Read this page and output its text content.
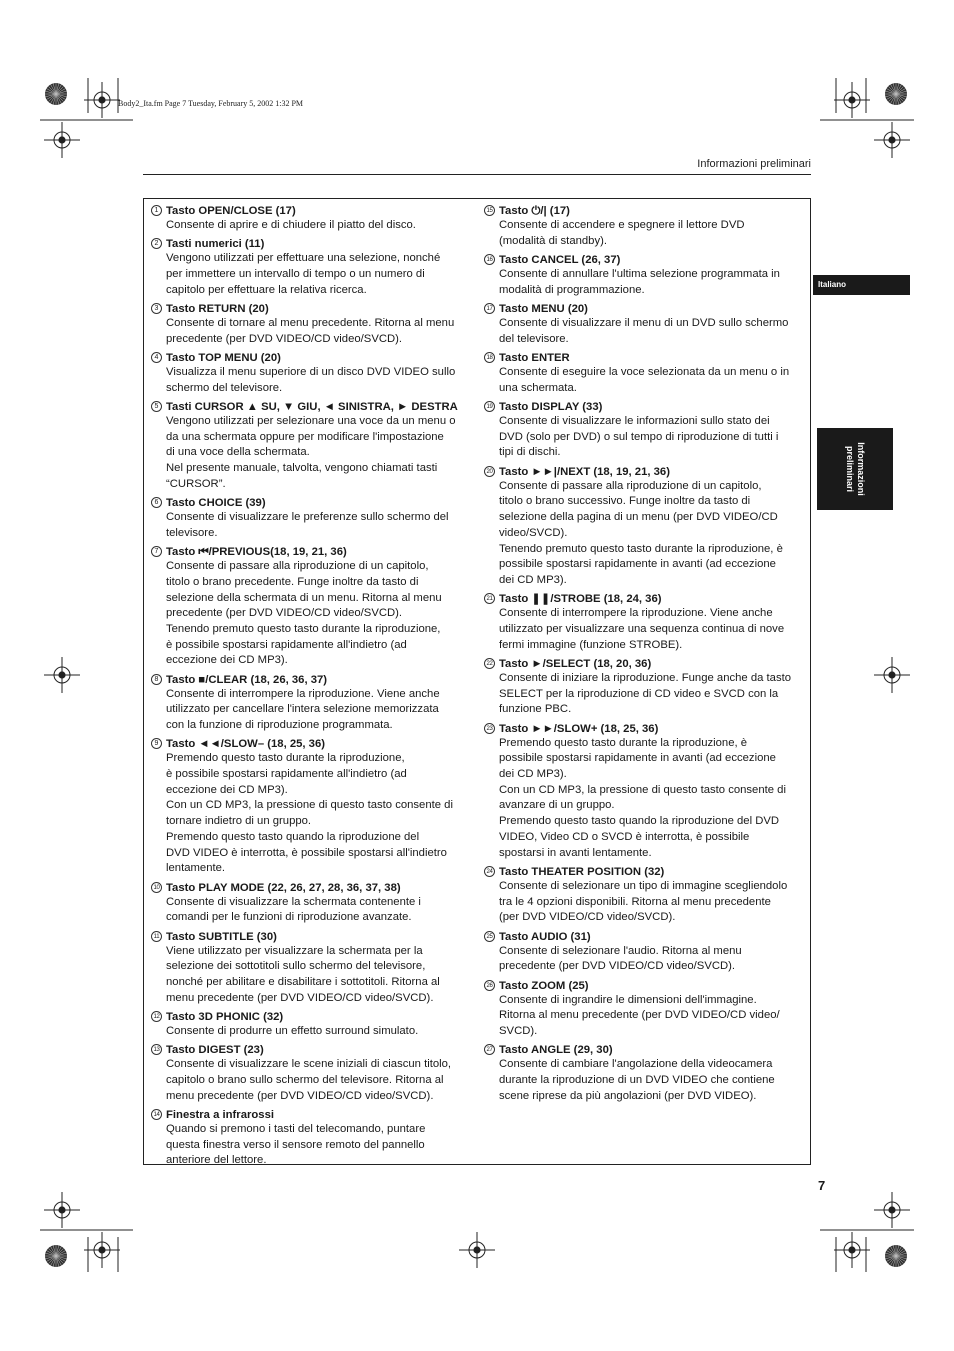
Body2_Ita.fm Page 7 Tuesday, February 5, 2002 1:32 PM
Informazioni preliminari
Italiano
Informazioni
preliminari
1 Tasto OPEN/CLOSE (17)
Consente di aprire e di chiudere il piatto del disco.
2 Tasti numerici (11)
Vengono utilizzati per effettuare una selezione, nonché
per immettere un intervallo di tempo o un numero di
capitolo per effettuare la relativa ricerca.
3 Tasto RETURN (20)
Consente di tornare al menu precedente. Ritorna al menu
precedente (per DVD VIDEO/CD video/SVCD).
4 Tasto TOP MENU (20)
Visualizza il menu superiore di un disco DVD VIDEO sullo
schermo del televisore.
5 Tasti CURSOR ▲ SU, ▼ GIU, ◄ SINISTRA, ► DESTRA
Vengono utilizzati per selezionare una voce da un menu o
da una schermata oppure per modificare l'impostazione
di una voce della schermata.
Nel presente manuale, talvolta, vengono chiamati tasti
“CURSOR”.
6 Tasto CHOICE (39)
Consente di visualizzare le preferenze sullo schermo del
televisore.
7 Tasto ⏮/PREVIOUS(18, 19, 21, 36)
Consente di passare alla riproduzione di un capitolo,
titolo o brano precedente. Funge inoltre da tasto di
selezione della schermata di un menu. Ritorna al menu
precedente (per DVD VIDEO/CD video/SVCD).
Tenendo premuto questo tasto durante la riproduzione,
è possibile spostarsi rapidamente all'indietro (ad
eccezione dei CD MP3).
8 Tasto ■/CLEAR (18, 26, 36, 37)
Consente di interrompere la riproduzione. Viene anche
utilizzato per cancellare l'intera selezione memorizzata
con la funzione di riproduzione programmata.
9 Tasto ◄◄/SLOW– (18, 25, 36)
Premendo questo tasto durante la riproduzione,
è possibile spostarsi rapidamente all'indietro (ad
eccezione dei CD MP3).
Con un CD MP3, la pressione di questo tasto consente di
tornare indietro di un gruppo.
Premendo questo tasto quando la riproduzione del
DVD VIDEO è interrotta, è possibile spostarsi all'indietro
lentamente.
10 Tasto PLAY MODE (22, 26, 27, 28, 36, 37, 38)
Consente di visualizzare la schermata contenente i
comandi per le funzioni di riproduzione avanzate.
11 Tasto SUBTITLE (30)
Viene utilizzato per visualizzare la schermata per la
selezione dei sottotitoli sullo schermo del televisore,
nonché per abilitare e disabilitare i sottotitoli. Ritorna al
menu precedente (per DVD VIDEO/CD video/SVCD).
12 Tasto 3D PHONIC (32)
Consente di produrre un effetto surround simulato.
13 Tasto DIGEST (23)
Consente di visualizzare le scene iniziali di ciascun titolo,
capitolo o brano sullo schermo del televisore. Ritorna al
menu precedente (per DVD VIDEO/CD video/SVCD).
14 Finestra a infrarossi
Quando si premono i tasti del telecomando, puntare
questa finestra verso il sensore remoto del pannello
anteriore del lettore.
15 Tasto ⏻/| (17)
Consente di accendere e spegnere il lettore DVD
(modalità di standby).
16 Tasto CANCEL (26, 37)
Consente di annullare l'ultima selezione programmata in
modalità di programmazione.
17 Tasto MENU (20)
Consente di visualizzare il menu di un DVD sullo schermo
del televisore.
18 Tasto ENTER
Consente di eseguire la voce selezionata da un menu o in
una schermata.
19 Tasto DISPLAY (33)
Consente di visualizzare le informazioni sullo stato dei
DVD (solo per DVD) o sul tempo di riproduzione di tutti i
tipi di dischi.
20 Tasto ►►|/NEXT (18, 19, 21, 36)
Consente di passare alla riproduzione di un capitolo,
titolo o brano successivo. Funge inoltre da tasto di
selezione della pagina di un menu (per DVD VIDEO/CD
video/SVCD).
Tenendo premuto questo tasto durante la riproduzione, è
possibile spostarsi rapidamente in avanti (ad eccezione
dei CD MP3).
21 Tasto ❚❚/STROBE (18, 24, 36)
Consente di interrompere la riproduzione. Viene anche
utilizzato per visualizzare una sequenza continua di nove
fermi immagine (funzione STROBE).
22 Tasto ►/SELECT (18, 20, 36)
Consente di iniziare la riproduzione. Funge anche da tasto
SELECT per la riproduzione di CD video e SVCD con la
funzione PBC.
23 Tasto ►►/SLOW+ (18, 25, 36)
Premendo questo tasto durante la riproduzione, è
possibile spostarsi rapidamente in avanti (ad eccezione
dei CD MP3).
Con un CD MP3, la pressione di questo tasto consente di
avanzare di un gruppo.
Premendo questo tasto quando la riproduzione del DVD
VIDEO, Video CD o SVCD è interrotta, è possibile
spostarsi in avanti lentamente.
24 Tasto THEATER POSITION (32)
Consente di selezionare un tipo di immagine scegliendolo
tra le 4 opzioni disponibili. Ritorna al menu precedente
(per DVD VIDEO/CD video/SVCD).
25 Tasto AUDIO (31)
Consente di selezionare l'audio. Ritorna al menu
precedente (per DVD VIDEO/CD video/SVCD).
26 Tasto ZOOM (25)
Consente di ingrandire le dimensioni dell'immagine.
Ritorna al menu precedente (per DVD VIDEO/CD video/
SVCD).
27 Tasto ANGLE (29, 30)
Consente di cambiare l'angolazione della videocamera
durante la riproduzione di un DVD VIDEO che contiene
scene riprese da più angolazioni (per DVD VIDEO).
7
